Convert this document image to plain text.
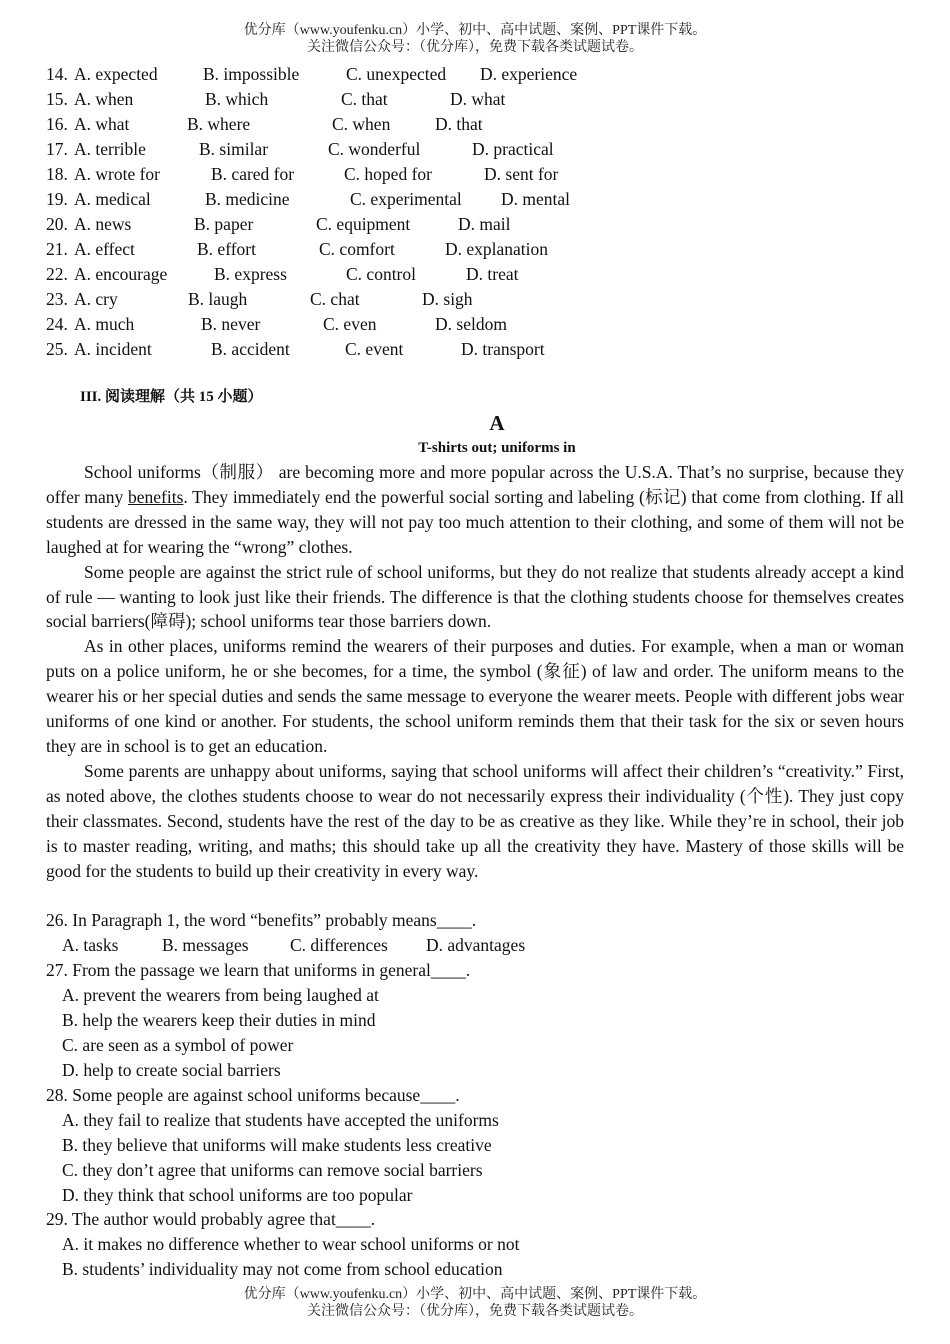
优分库（www.youfenku.cn）小学、初中、高中试题、案例、PPT课件下载。
关注微信公众号：（优分库），免费下载各类试题试卷。
14. A. expected	B. impossible	C. unexpected D. experience
15. A. when	B. which	C. that	D. what
16. A. what	B. where	C. when	D. that
17. A. terrible	B. similar	C. wonderful	D. practical
18. A. wrote for	B. cared for	C. hoped for	D. sent for
19. A. medical	B. medicine	C. experimental D. mental
20. A. news	B. paper	C. equipment	D. mail
21. A. effect	B. effort	C. comfort	D. explanation
22. A. encourage	B. express	C. control	D. treat
23. A. cry	B. laugh	C. chat	D. sigh
24. A. much	B. never	C. even	D. seldom
25. A. incident	B. accident	C. event	D. transport
III. 阅读理解（共 15 小题）
A
T-shirts out; uniforms in

School uniforms（制服） are becoming more and more popular across the U.S.A. That’s no surprise, because they offer many benefits. They immediately end the powerful social sorting and labeling (标记) that come from clothing. If all students are dressed in the same way, they will not pay too much attention to their clothing, and some of them will not be laughed at for wearing the “wrong” clothes.

Some people are against the strict rule of school uniforms, but they do not realize that students already accept a kind of rule — wanting to look just like their friends. The difference is that the clothing students choose for themselves creates social barriers(障碍); school uniforms tear those barriers down.

As in other places, uniforms remind the wearers of their purposes and duties. For example, when a man or woman puts on a police uniform, he or she becomes, for a time, the symbol (象征) of law and order. The uniform means to the wearer his or her special duties and sends the same message to everyone the wearer meets. People with different jobs wear uniforms of one kind or another. For students, the school uniform reminds them that their task for the six or seven hours they are in school is to get an education.

Some parents are unhappy about uniforms, saying that school uniforms will affect their children’s “creativity.” First, as noted above, the clothes students choose to wear do not necessarily express their individuality (个性). They just copy their classmates. Second, students have the rest of the day to be as creative as they like. While they’re in school, their job is to master reading, writing, and maths; this should take up all the creativity they have. Mastery of those skills will be good for the students to build up their creativity in every way.

26. In Paragraph 1, the word “benefits” probably means____.
A. tasks B. messages C. differences D. advantages
27. From the passage we learn that uniforms in general____.
A. prevent the wearers from being laughed at
B. help the wearers keep their duties in mind
C. are seen as a symbol of power
D. help to create social barriers
28. Some people are against school uniforms because____.
A. they fail to realize that students have accepted the uniforms
B. they believe that uniforms will make students less creative
C. they don’t agree that uniforms can remove social barriers
D. they think that school uniforms are too popular
29. The author would probably agree that____.
A. it makes no difference whether to wear school uniforms or not
B. students’ individuality may not come from school education
优分库（www.youfenku.cn）小学、初中、高中试题、案例、PPT课件下载。
关注微信公众号：（优分库），免费下载各类试题试卷。
